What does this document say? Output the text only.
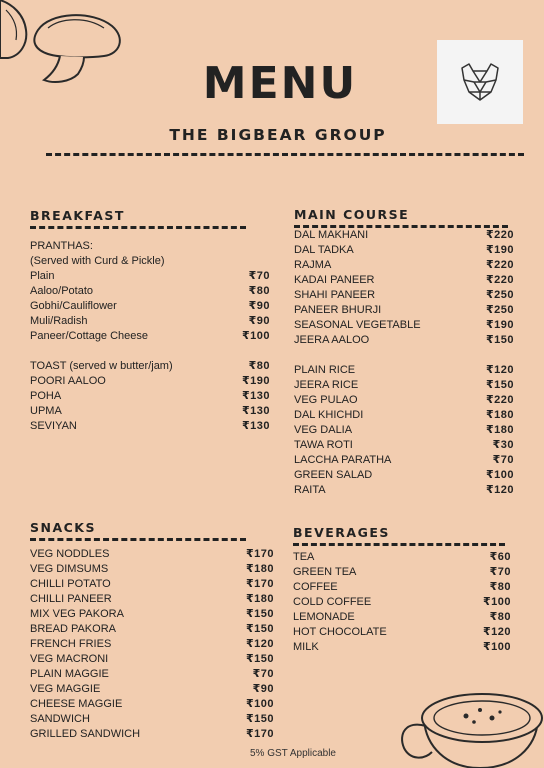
MENU
THE BIGBEAR GROUP
BREAKFAST
PRANTHAS:
(Served with Curd & Pickle)
Plain	₹70
Aaloo/Potato	₹80
Gobhi/Cauliflower	₹90
Muli/Radish	₹90
Paneer/Cottage Cheese	₹100
TOAST (served w butter/jam)	₹80
POORI AALOO	₹190
POHA	₹130
UPMA	₹130
SEVIYAN	₹130
MAIN COURSE
DAL MAKHANI	₹220
DAL TADKA	₹190
RAJMA	₹220
KADAI PANEER	₹220
SHAHI PANEER	₹250
PANEER BHURJI	₹250
SEASONAL VEGETABLE	₹190
JEERA AALOO	₹150
PLAIN RICE	₹120
JEERA RICE	₹150
VEG PULAO	₹220
DAL KHICHDI	₹180
VEG DALIA	₹180
TAWA ROTI	₹30
LACCHA PARATHA	₹70
GREEN SALAD	₹100
RAITA	₹120
SNACKS
VEG NODDLES	₹170
VEG DIMSUMS	₹180
CHILLI POTATO	₹170
CHILLI PANEER	₹180
MIX VEG PAKORA	₹150
BREAD PAKORA	₹150
FRENCH FRIES	₹120
VEG MACRONI	₹150
PLAIN MAGGIE	₹70
VEG MAGGIE	₹90
CHEESE MAGGIE	₹100
SANDWICH	₹150
GRILLED SANDWICH	₹170
BEVERAGES
TEA	₹60
GREEN TEA	₹70
COFFEE	₹80
COLD COFFEE	₹100
LEMONADE	₹80
HOT CHOCOLATE	₹120
MILK	₹100
5% GST Applicable
